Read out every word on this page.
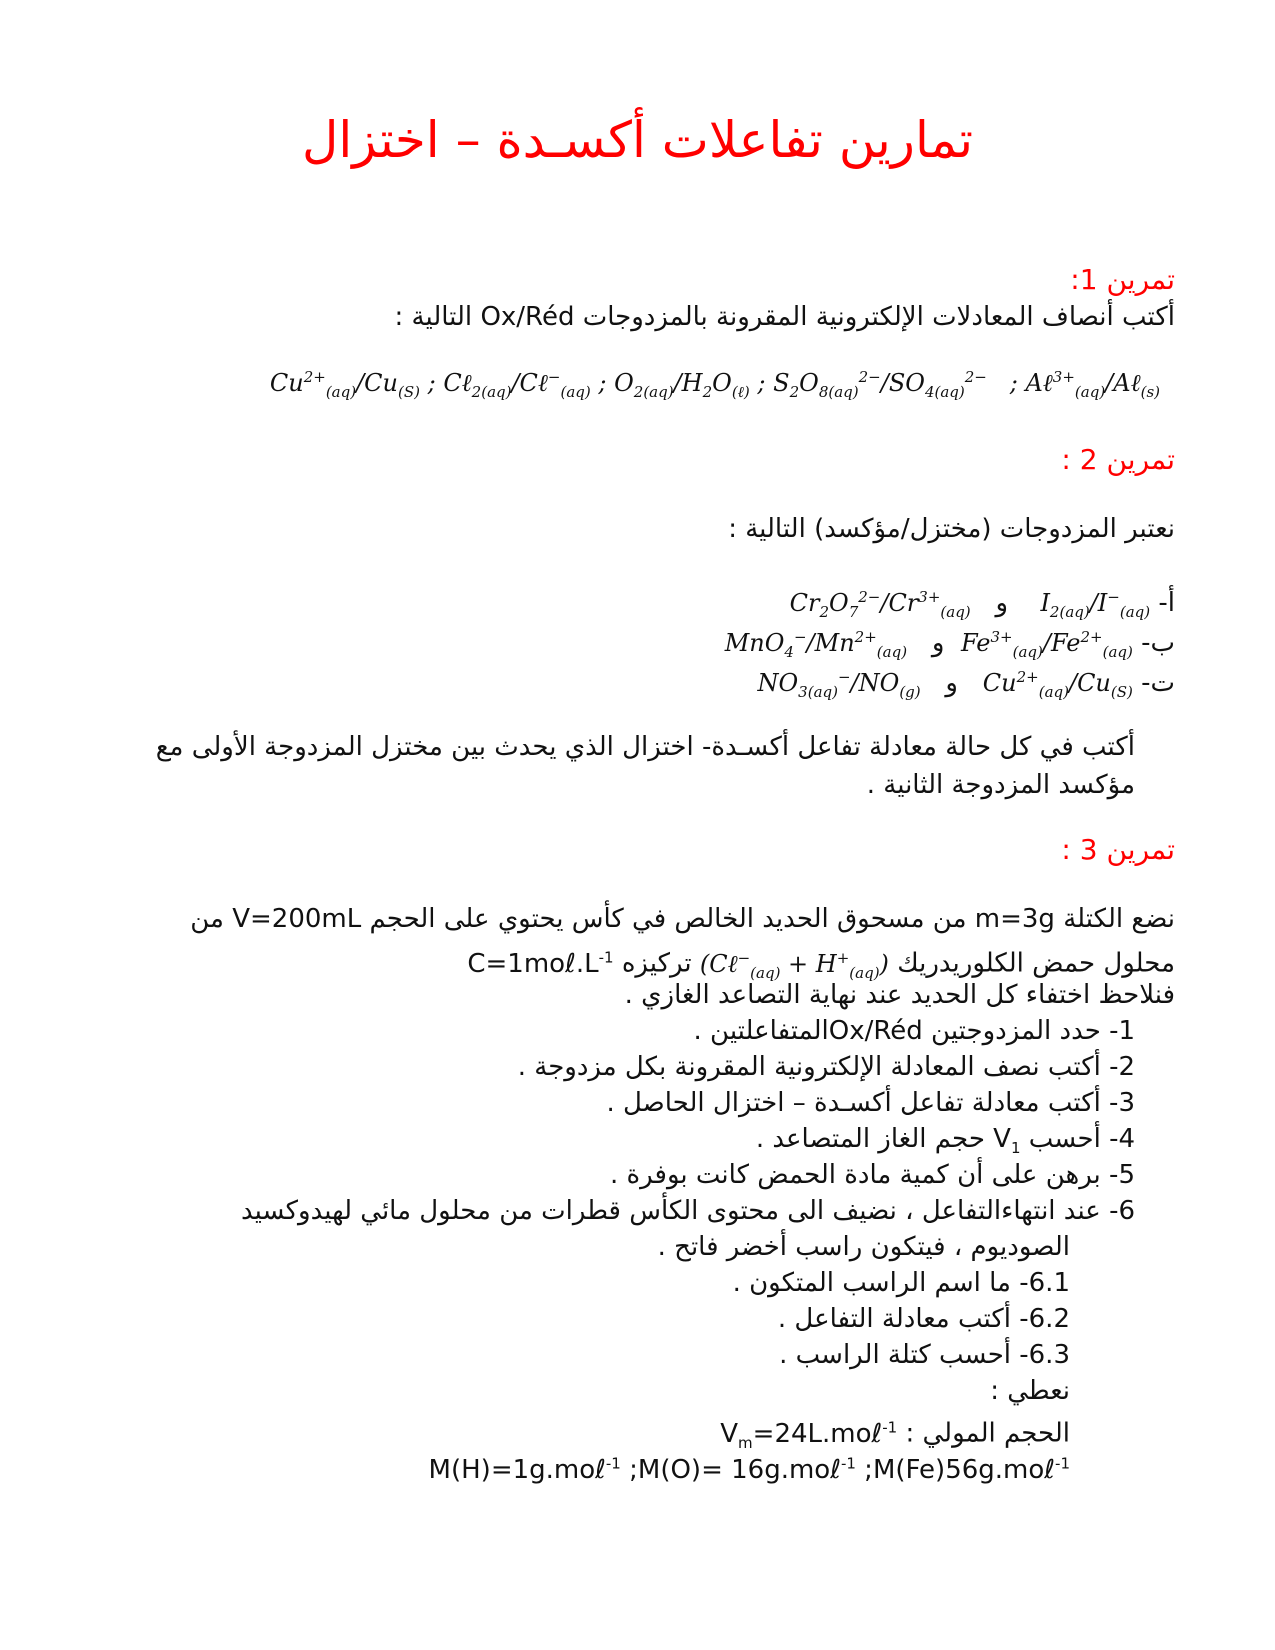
تمارين تفاعلات أكسـدة – اختزال
تمرين 1:
أكتب أنصاف المعادلات الإلكترونية المقرونة بالمزدوجات Ox/Réd التالية :
$Cu^{2+}_{(aq)}/Cu_{(S)}$ ; Cℓ$_{2(aq)}$/Cℓ−$_{(aq)}$ ; $O_{2(aq)}/H_2O_{(\ell)}$ ; $S_2O_{8(aq)}^{2-}/SO_{4(aq)}^{2-}$   ; Aℓ$^{3+}_{(aq)}$/Aℓ$_{(s)}$
تمرين 2 :
نعتبر المزدوجات (مختزل/مؤكسد) التالية :
أ-  $I_{2(aq)}/I^-_{(aq)}$   و   $Cr_2O_7^{2-}/Cr^{3+}_{(aq)}$
ب- $Fe^{3+}_{(aq)}/Fe^{2+}_{(aq)}$  و   $MnO_4^-/Mn^{2+}_{(aq)}$
ت- $Cu^{2+}_{(aq)}/Cu_{(S)}$   و   $NO_{3(aq)}^-/NO_{(g)}$
أكتب في كل حالة معادلة تفاعل أكسـدة- اختزال الذي يحدث بين مختزل المزدوجة الأولى مع
مؤكسد المزدوجة الثانية .
تمرين 3 :
نضع الكتلة m=3g من مسحوق الحديد الخالص في كأس يحتوي على الحجم V=200mL من
محلول حمض الكلوريدريك (Cℓ−$_{(aq)}$ + $H^+_{(aq)}$) تركيزه $C=1mo\ell.L^{-1}$
فنلاحظ اختفاء كل الحديد عند نهاية التصاعد الغازي .
1- حدد المزدوجتين Ox/Rédالمتفاعلتين .
2- أكتب نصف المعادلة الإلكترونية المقرونة بكل مزدوجة .
3- أكتب معادلة تفاعل أكسـدة – اختزال الحاصل .
4- أحسب $V_1$ حجم الغاز المتصاعد .
5- برهن على أن كمية مادة الحمض كانت بوفرة .
6- عند انتهاءالتفاعل ، نضيف الى محتوى الكأس قطرات من محلول مائي لهيدوكسيد
الصوديوم ، فيتكون راسب أخضر فاتح .
6.1- ما اسم الراسب المتكون .
6.2- أكتب معادلة التفاعل .
6.3- أحسب كتلة الراسب .
نعطي :
الحجم المولي : $V_m=24L.mo\ell^{-1}$
M(H)=1g.moℓ$^{-1}$ ;M(O)= 16g.moℓ$^{-1}$ ;M(Fe)56g.moℓ$^{-1}$
